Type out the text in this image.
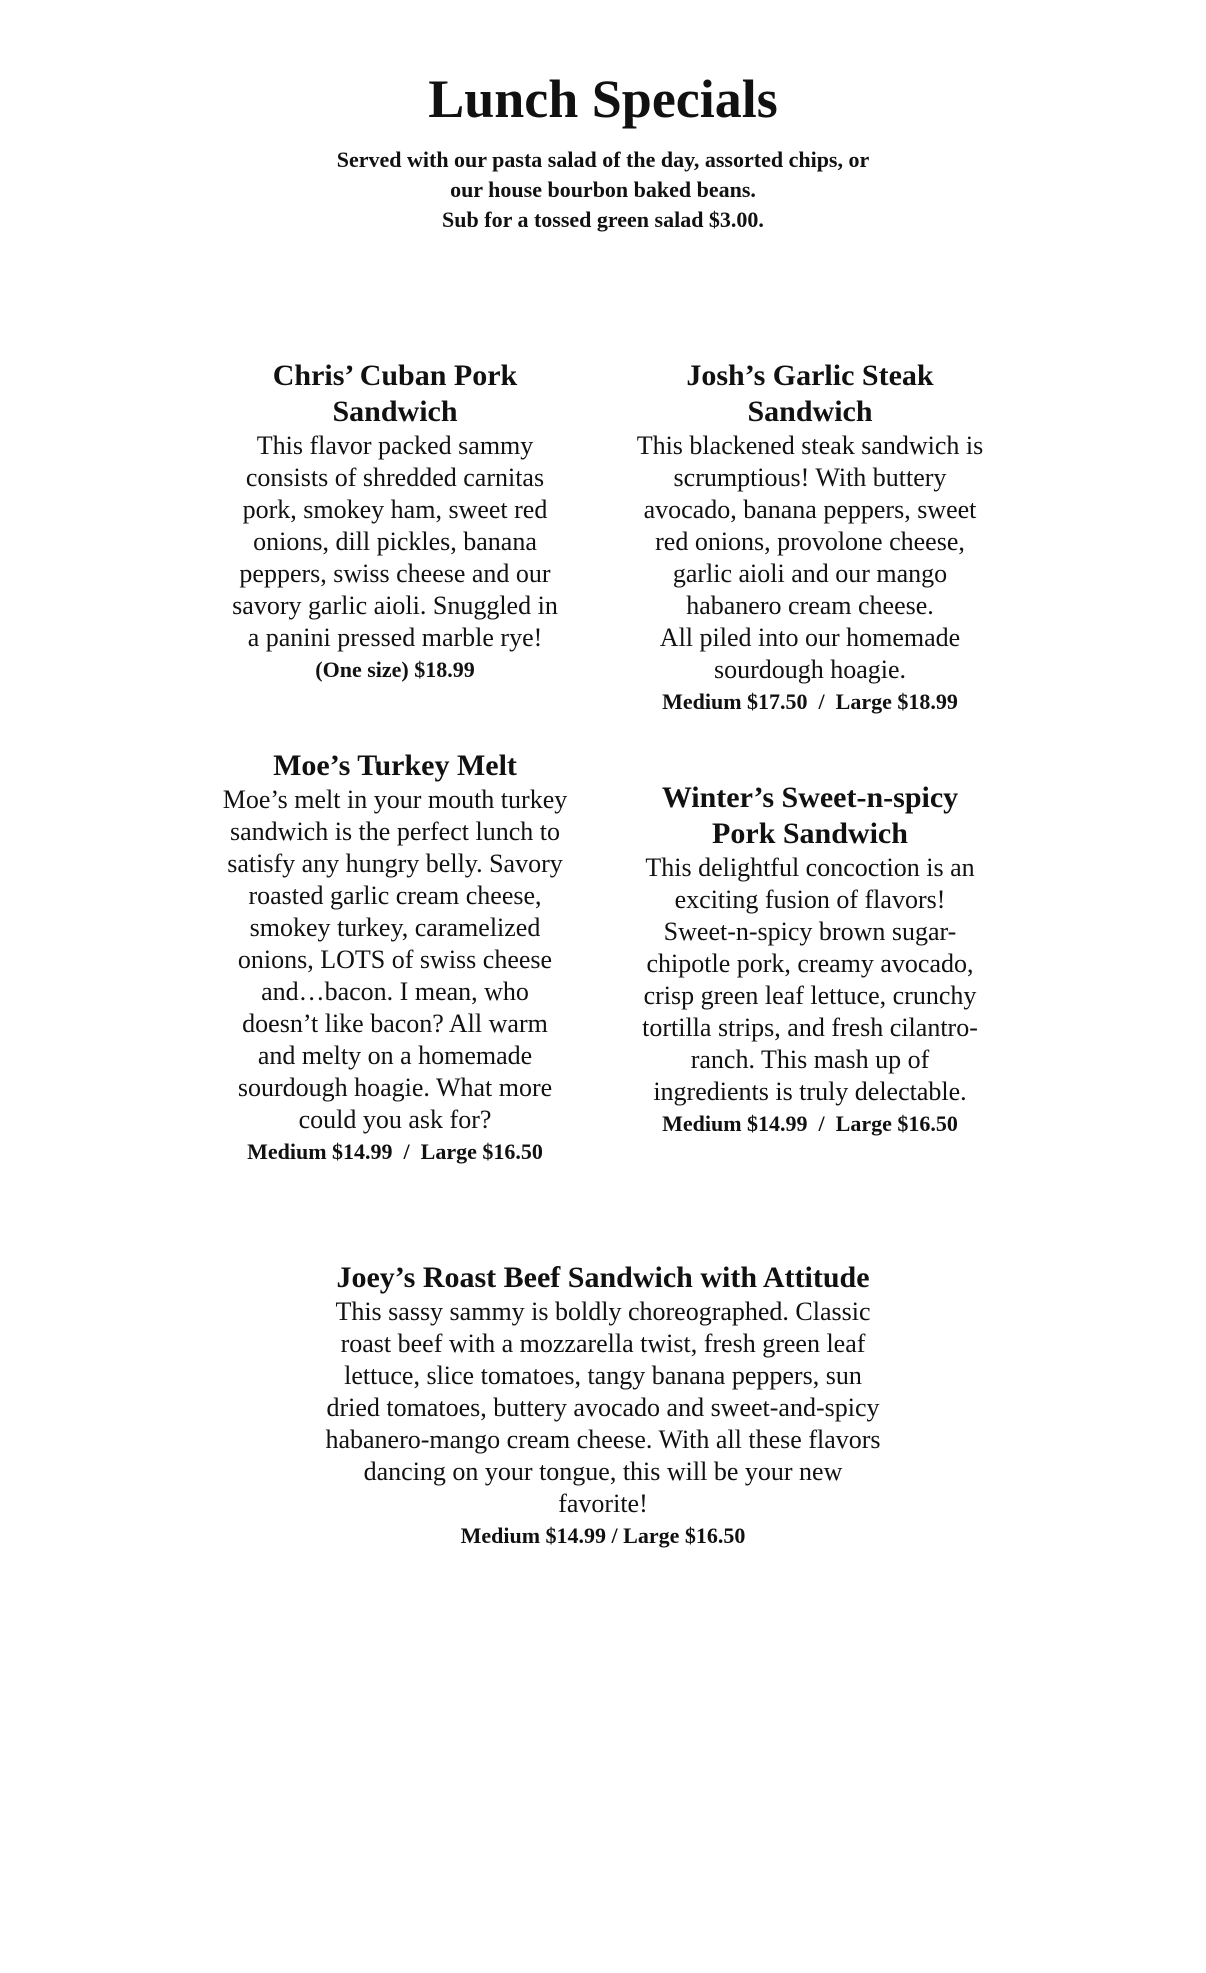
Lunch Specials
Served with our pasta salad of the day, assorted chips, or
our house bourbon baked beans.
Sub for a tossed green salad $3.00.
Chris’ Cuban Pork
Sandwich
This flavor packed sammy
consists of shredded carnitas
pork, smokey ham, sweet red
onions, dill pickles, banana
peppers, swiss cheese and our
savory garlic aioli. Snuggled in
a panini pressed marble rye!
(One size) $18.99
Josh’s Garlic Steak
Sandwich
This blackened steak sandwich is
scrumptious! With buttery
avocado, banana peppers, sweet
red onions, provolone cheese,
garlic aioli and our mango
habanero cream cheese.
All piled into our homemade
sourdough hoagie.
Medium $17.50  /  Large $18.99
Moe’s Turkey Melt
Moe’s melt in your mouth turkey
sandwich is the perfect lunch to
satisfy any hungry belly. Savory
roasted garlic cream cheese,
smokey turkey, caramelized
onions, LOTS of swiss cheese
and…bacon. I mean, who
doesn’t like bacon? All warm
and melty on a homemade
sourdough hoagie. What more
could you ask for?
Medium $14.99  /  Large $16.50
Winter’s Sweet-n-spicy
Pork Sandwich
This delightful concoction is an
exciting fusion of flavors!
Sweet-n-spicy brown sugar-
chipotle pork, creamy avocado,
crisp green leaf lettuce, crunchy
tortilla strips, and fresh cilantro-
ranch. This mash up of
ingredients is truly delectable.
Medium $14.99  /  Large $16.50
Joey’s Roast Beef Sandwich with Attitude
This sassy sammy is boldly choreographed. Classic
roast beef with a mozzarella twist, fresh green leaf
lettuce, slice tomatoes, tangy banana peppers, sun
dried tomatoes, buttery avocado and sweet-and-spicy
habanero-mango cream cheese. With all these flavors
dancing on your tongue, this will be your new
favorite!
Medium $14.99 / Large $16.50
